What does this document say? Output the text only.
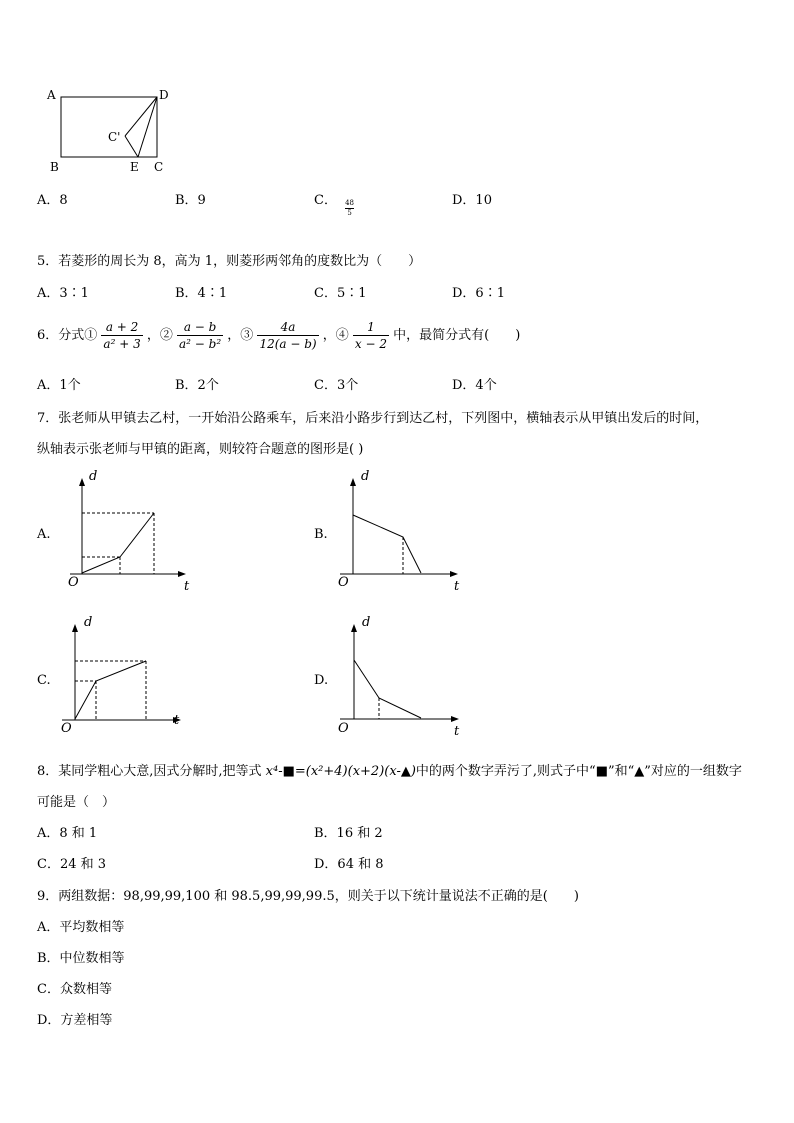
A	D
C'
B	E C
A．8	B．9	C． $\frac{48}{5}$	D．10
5．若菱形的周长为 8，高为 1，则菱形两邻角的度数比为（　　）
A．3∶1	B．4∶1	C．5∶1	D．6∶1
6．分式① $\frac{a + 2}{\text{a² + 3}}$ ，② $\frac{a - b}{\text{a² − b²}}$ ，③ $\frac{4a}{12(a - b)}$ ，④ $\frac{1}{x - 2}$ 中，最简分式有(　　)
A．1个	B．2个	C．3个	D．4个
7．张老师从甲镇去乙村，一开始沿公路乘车，后来沿小路步行到达乙村，下列图中，横轴表示从甲镇出发后的时间，
纵轴表示张老师与甲镇的距离，则较符合题意的图形是( )
A.
d
t
O
B.
d
t
O
C.
d
t
O
D.
d
t
O
8．某同学粗心大意,因式分解时,把等式 x⁴-■=(x²+4)(x+2)(x-▲)中的两个数字弄污了,则式子中“■”和“▲”对应的一组数字
可能是（　）
A．8 和 1	B．16 和 2
C．24 和 3	D．64 和 8
9．两组数据：98,99,99,100 和 98.5,99,99,99.5，则关于以下统计量说法不正确的是(　　)
A．平均数相等
B．中位数相等
C．众数相等
D．方差相等
